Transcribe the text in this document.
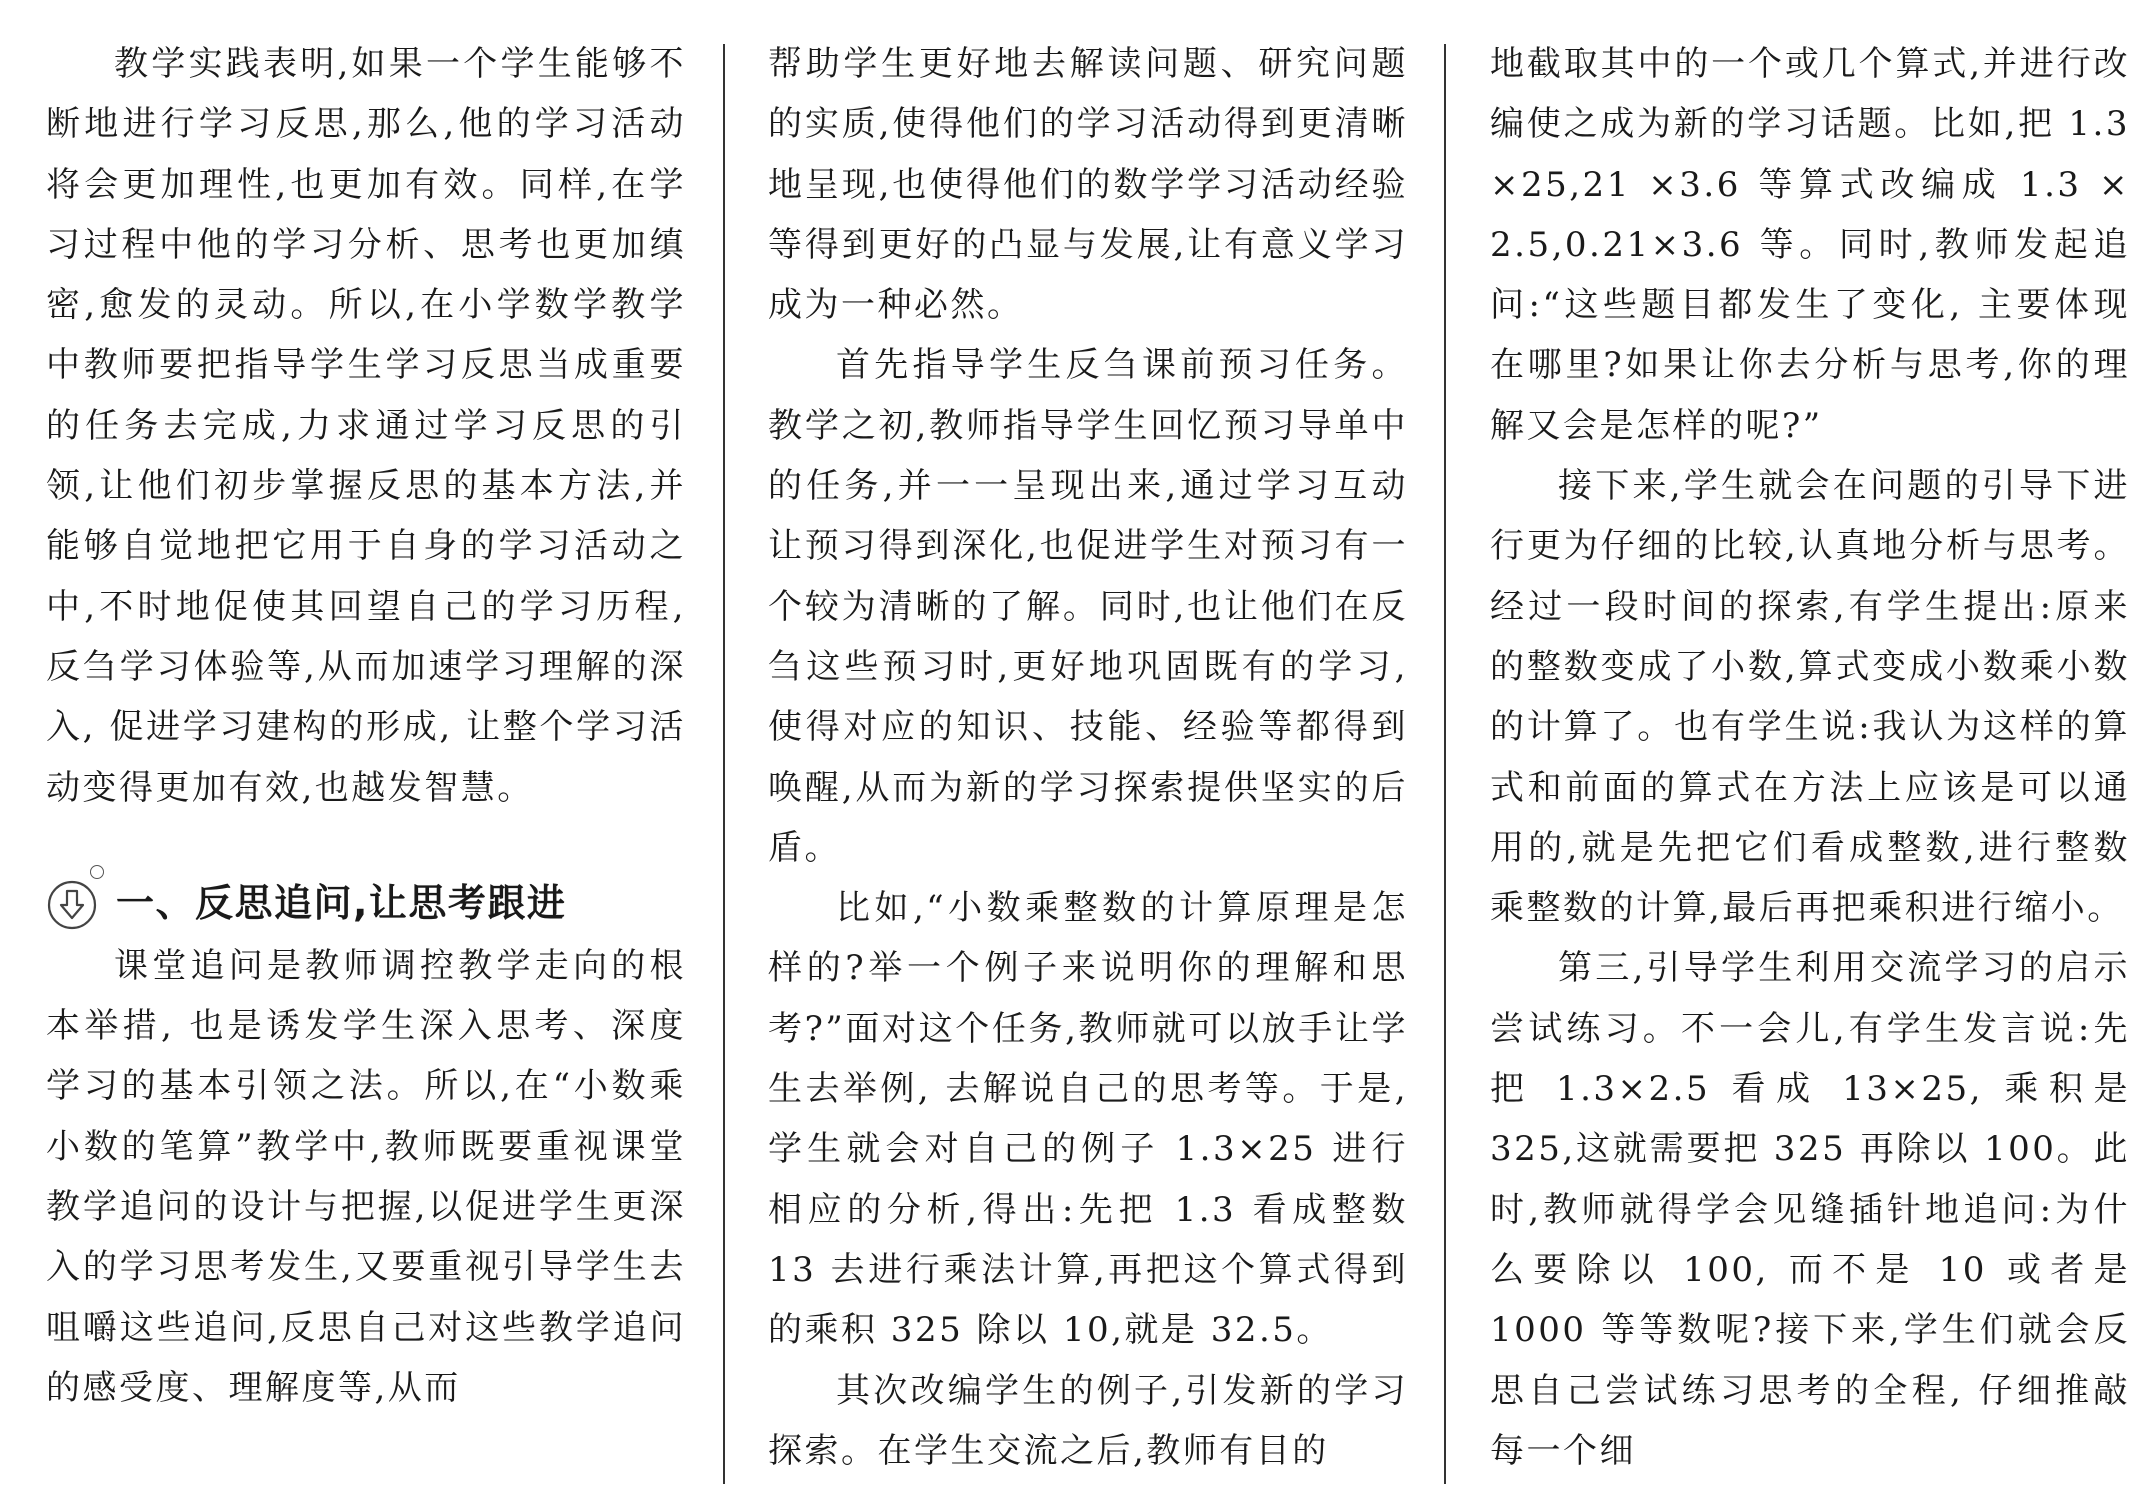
教学实践表明,如果一个学生能够不断地进行学习反思,那么,他的学习活动将会更加理性,也更加有效。同样,在学习过程中他的学习分析、思考也更加缜密,愈发的灵动。所以,在小学数学教学中教师要把指导学生学习反思当成重要的任务去完成,力求通过学习反思的引领,让他们初步掌握反思的基本方法,并能够自觉地把它用于自身的学习活动之中,不时地促使其回望自己的学习历程,反刍学习体验等,从而加速学习理解的深入, 促进学习建构的形成, 让整个学习活动变得更加有效,也越发智慧。

一、反思追问,让思考跟进

课堂追问是教师调控教学走向的根本举措, 也是诱发学生深入思考、深度学习的基本引领之法。所以,在“小数乘小数的笔算”教学中,教师既要重视课堂教学追问的设计与把握,以促进学生更深入的学习思考发生,又要重视引导学生去咀嚼这些追问,反思自己对这些教学追问的感受度、理解度等,从而

帮助学生更好地去解读问题、研究问题的实质,使得他们的学习活动得到更清晰地呈现,也使得他们的数学学习活动经验等得到更好的凸显与发展,让有意义学习成为一种必然。

首先指导学生反刍课前预习任务。教学之初,教师指导学生回忆预习导单中的任务,并一一呈现出来,通过学习互动让预习得到深化,也促进学生对预习有一个较为清晰的了解。同时,也让他们在反刍这些预习时,更好地巩固既有的学习,使得对应的知识、技能、经验等都得到唤醒,从而为新的学习探索提供坚实的后盾。

比如,“小数乘整数的计算原理是怎样的?举一个例子来说明你的理解和思考?”面对这个任务,教师就可以放手让学生去举例, 去解说自己的思考等。于是,学生就会对自己的例子 1.3×25 进行相应的分析,得出:先把 1.3 看成整数 13 去进行乘法计算,再把这个算式得到的乘积 325 除以 10,就是 32.5。

其次改编学生的例子,引发新的学习探索。在学生交流之后,教师有目的

地截取其中的一个或几个算式,并进行改编使之成为新的学习话题。比如,把 1.3 ×25,21 ×3.6 等算式改编成 1.3 × 2.5,0.21×3.6 等。同时,教师发起追问:“这些题目都发生了变化, 主要体现在哪里?如果让你去分析与思考,你的理解又会是怎样的呢?”

接下来,学生就会在问题的引导下进行更为仔细的比较,认真地分析与思考。经过一段时间的探索,有学生提出:原来的整数变成了小数,算式变成小数乘小数的计算了。也有学生说:我认为这样的算式和前面的算式在方法上应该是可以通用的,就是先把它们看成整数,进行整数乘整数的计算,最后再把乘积进行缩小。

第三,引导学生利用交流学习的启示尝试练习。不一会儿,有学生发言说:先把 1.3×2.5 看成 13×25, 乘积是 325,这就需要把 325 再除以 100。此时,教师就得学会见缝插针地追问:为什么要除以 100, 而不是 10 或者是 1000 等等数呢?接下来,学生们就会反思自己尝试练习思考的全程, 仔细推敲每一个细
